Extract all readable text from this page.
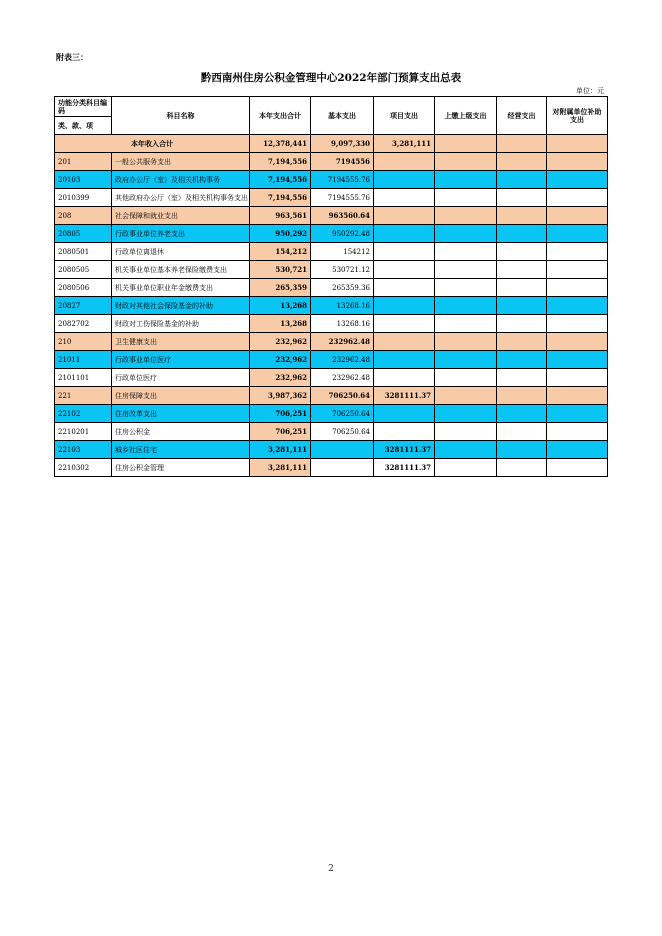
附表三：
黔西南州住房公积金管理中心2022年部门预算支出总表
单位：元
功能分类科目编码	科目名称	本年支出合计	基本支出	项目支出	上缴上级支出	经营支出	对附属单位补助支出
类、款、项							
本年收入合计		12,378,441	9,097,330	3,281,111			
201	一般公共服务支出	7,194,556	7194556				
20103	政府办公厅（室）及相关机构事务	7,194,556	7194555.76				
2010399	其他政府办公厅（室）及相关机构事务支出	7,194,556	7194555.76				
208	社会保障和就业支出	963,561	963560.64				
20805	行政事业单位养老支出	950,292	950292.48				
2080501	行政单位离退休	154,212	154212				
2080505	机关事业单位基本养老保险缴费支出	530,721	530721.12				
2080506	机关事业单位职业年金缴费支出	265,359	265359.36				
20827	财政对其他社会保险基金的补助	13,268	13268.16				
2082702	财政对工伤保险基金的补助	13,268	13268.16				
210	卫生健康支出	232,962	232962.48				
21011	行政事业单位医疗	232,962	232962.48				
2101101	行政单位医疗	232,962	232962.48				
221	住房保障支出	3,987,362	706250.64	3281111.37			
22102	住房改革支出	706,251	706250.64				
2210201	住房公积金	706,251	706250.64				
22103	城乡社区住宅	3,281,111		3281111.37			
2210302	住房公积金管理	3,281,111		3281111.37			
2
